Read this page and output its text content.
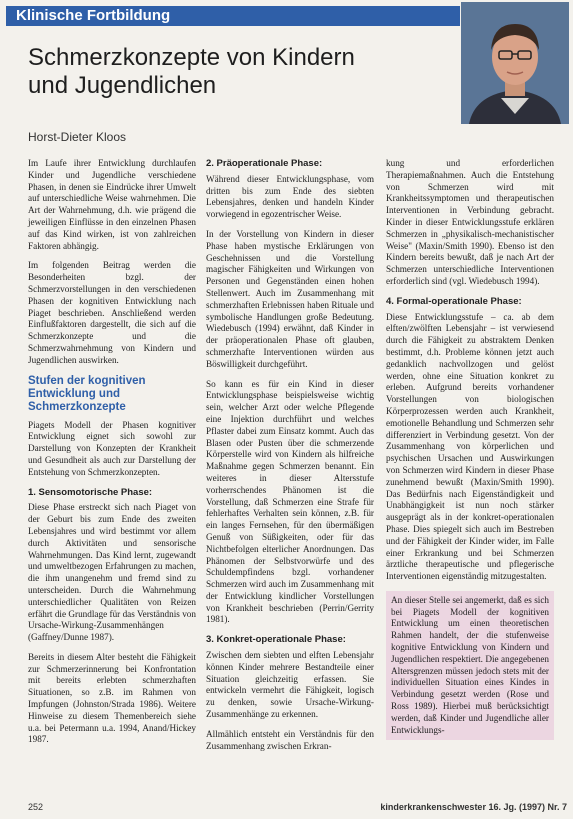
Klinische Fortbildung
Schmerzkonzepte von Kindern
und Jugendlichen
Horst-Dieter Kloos

Im Laufe ihrer Entwicklung durchlaufen Kinder und Jugendliche verschiedene Phasen, in denen sie Eindrücke ihrer Umwelt auf unterschiedliche Weise wahrnehmen. Die Art der Wahrnehmung, d.h. wie prägend die jeweiligen Einflüsse in den einzelnen Phasen auf das Kind wirken, ist von zahlreichen Faktoren abhängig.

Im folgenden Beitrag werden die Besonderheiten bzgl. der Schmerzvorstellungen in den verschiedenen Phasen der kognitiven Entwicklung nach Piaget beschrieben. Anschließend werden Einflußfaktoren dargestellt, die sich auf die Schmerzkonzepte und die Schmerzwahrnehmung von Kindern und Jugendlichen auswirken.

Stufen der kognitiven Entwicklung und Schmerzkonzepte

Piagets Modell der Phasen kognitiver Entwicklung eignet sich sowohl zur Darstellung von Konzepten der Krankheit und Gesundheit als auch zur Darstellung der Entstehung von Schmerzkonzepten.

1. Sensomotorische Phase:

Diese Phase erstreckt sich nach Piaget von der Geburt bis zum Ende des zweiten Lebensjahres und wird bestimmt vor allem durch Aktivitäten und sensorische Wahrnehmungen. Das Kind lernt, zugewandt und umweltbezogen Erfahrungen zu machen, die ihm unangenehm und fremd sind zu unterscheiden. Durch die Wahrnehmung unterschiedlicher Qualitäten von Reizen erfährt die Grundlage für das Verständnis von Ursache-Wirkung-Zusammenhängen (Gaffney/Dunne 1987).

Bereits in diesem Alter besteht die Fähigkeit zur Schmerzerinnerung bei Konfrontation mit bereits erlebten schmerzhaften Situationen, so z.B. im Rahmen von Impfungen (Johnston/Strada 1986). Weitere Hinweise zu diesem Themenbereich siehe u.a. bei Petermann u.a. 1994, Anand/Hickey 1987.

2. Präoperationale Phase:

Während dieser Entwicklungsphase, vom dritten bis zum Ende des siebten Lebensjahres, denken und handeln Kinder vorwiegend in egozentrischer Weise.

In der Vorstellung von Kindern in dieser Phase haben mystische Erklärungen von Geschehnissen und die Vorstellung magischer Fähigkeiten und Wirkungen von Personen und Gegenständen einen hohen Stellenwert. Auch im Zusammenhang mit schmerzhaften Erlebnissen haben Rituale und symbolische Handlungen große Bedeutung. Wiedebusch (1994) erwähnt, daß Kinder in der präoperationalen Phase oft glauben, schmerzhafte Interventionen würden aus Böswilligkeit durchgeführt.

So kann es für ein Kind in dieser Entwicklungsphase beispielsweise wichtig sein, welcher Arzt oder welche Pflegende eine Injektion durchführt und welches Pflaster dabei zum Einsatz kommt. Auch das Blasen oder Pusten über die schmerzende Körperstelle wird von Kindern als hilfreiche Maßnahme gegen Schmerzen benannt. Ein weiteres in dieser Altersstufe vorherrschendes Phänomen ist die Vorstellung, daß Schmerzen eine Strafe für fehlerhaftes Verhalten sein können, z.B. für ein langes Fernsehen, für den übermäßigen Genuß von Süßigkeiten, oder für das Nichtbefolgen elterlicher Anordnungen. Das Phänomen der Selbstvorwürfe und des Schuldempfindens bzgl. vorhandener Schmerzen wird auch im Zusammenhang mit der Entwicklung kindlicher Vorstellungen von Krankheit beschrieben (Perrin/Gerrity 1981).

3. Konkret-operationale Phase:

Zwischen dem siebten und elften Lebensjahr können Kinder mehrere Bestandteile einer Situation gleichzeitig erfassen. Sie entwickeln vermehrt die Fähigkeit, logisch zu denken, sowie Ursache-Wirkung-Zusammenhänge zu erkennen.

Allmählich entsteht ein Verständnis für den Zusammenhang zwischen Erkran-

kung und erforderlichen Therapiemaßnahmen. Auch die Entstehung von Schmerzen wird mit Krankheitssymptomen und therapeutischen Interventionen in Verbindung gebracht. Kinder in dieser Entwicklungsstufe erklären Schmerzen in „physikalisch-mechanistischer Weise" (Maxin/Smith 1990). Ebenso ist den Kindern bereits bewußt, daß je nach Art der Schmerzen unterschiedliche Interventionen erforderlich sind (vgl. Wiedebusch 1994).

4. Formal-operationale Phase:

Diese Entwicklungsstufe – ca. ab dem elften/zwölften Lebensjahr – ist verwiesend durch die Fähigkeit zu abstraktem Denken bestimmt, d.h. Probleme können jetzt auch gedanklich nachvollzogen und gelöst werden, ohne eine Situation konkret zu erleben. Aufgrund bereits vorhandener Vorstellungen von biologischen Körperprozessen werden auch Krankheit, emotionelle Behandlung und Schmerzen sehr differenziert in Verbindung gesetzt. Von der Zusammenhang von körperlichen und psychischen Ursachen und Auswirkungen von Schmerzen wird Kindern in dieser Phase zunehmend bewußt (Maxin/Smith 1990). Das Bedürfnis nach Eigenständigkeit und Unabhängigkeit ist nun noch stärker ausgeprägt als in der konkret-operationalen Phase. Dies spiegelt sich auch im Bestreben und der Fähigkeit der Kinder wider, im Falle einer Erkrankung und bei Schmerzen ärztliche therapeutische und pflegerische Interventionen eigenständig mitzugestalten.

An dieser Stelle sei angemerkt, daß es sich bei Piagets Modell der kognitiven Entwicklung um einen theoretischen Rahmen handelt, der die stufenweise kognitive Entwicklung von Kindern und Jugendlichen respektiert. Die angegebenen Altersgrenzen müssen jedoch stets mit der individuellen Situation eines Kindes in Verbindung gesetzt werden (Rose und Ross 1989). Hierbei muß berücksichtigt werden, daß Kinder und Jugendliche aller Entwicklungs-

252	kinderkrankenschwester 16. Jg. (1997) Nr. 7
